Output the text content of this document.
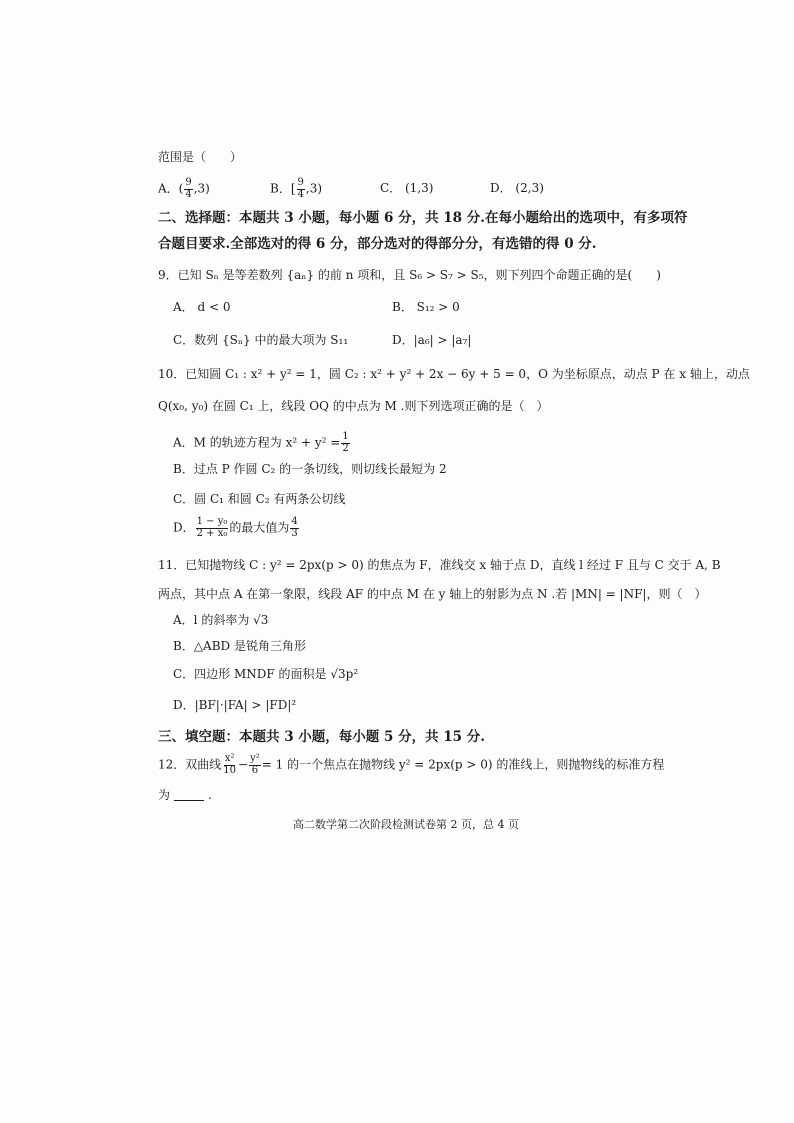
范围是（　　）
A．( $\frac{9}{4} ,3$)	B．[ $\frac{9}{4} ,3$)	C． (1,3)	D． (2,3)
二、选择题：本题共 3 小题，每小题 6 分，共 18 分.在每小题给出的选项中，有多项符
合题目要求.全部选对的得 6 分，部分选对的得部分分，有选错的得 0 分.
9．已知 Sₙ 是等差数列 {aₙ} 的前 n 项和，且 S₆ > S₇ > S₅，则下列四个命题正确的是(　　)
A． d < 0	B． S₁₂ > 0
C．数列 {Sₙ} 中的最大项为 S₁₁	D．|a₆| > |a₇|
10．已知圆 C₁ : x² + y² = 1，圆 C₂ : x² + y² + 2x − 6y + 5 = 0，O 为坐标原点，动点 P 在 x 轴上，动点
Q(x₀, y₀) 在圆 C₁ 上，线段 OQ 的中点为 M .则下列选项正确的是（　）
A．M 的轨迹方程为 $x^2 + y^2 = \frac{1}{2}$
B．过点 P 作圆 C₂ 的一条切线，则切线长最短为 2
C．圆 C₁ 和圆 C₂ 有两条公切线
D． $\frac{\text{1 − y₀}}{\text{2 + x₀}}$ 的最大值为 $\frac{4}{3}$
11．已知抛物线 C : y² = 2px(p > 0) 的焦点为 F，准线交 x 轴于点 D，直线 l 经过 F 且与 C 交于 A, B
两点，其中点 A 在第一象限，线段 AF 的中点 M 在 y 轴上的射影为点 N .若 |MN| = |NF|，则（　）
A．l 的斜率为 √3
B．△ABD 是锐角三角形
C．四边形 MNDF 的面积是 √3p²
D．|BF|·|FA| > |FD|²
三、填空题：本题共 3 小题，每小题 5 分，共 15 分.
12．双曲线 $\frac{\text{x²}}{10} - \frac{\text{y²}}{6} = 1$ 的一个焦点在抛物线 y² = 2px(p > 0) 的准线上，则抛物线的标准方程
为	.
高二数学第二次阶段检测试卷第 2 页，总 4 页
